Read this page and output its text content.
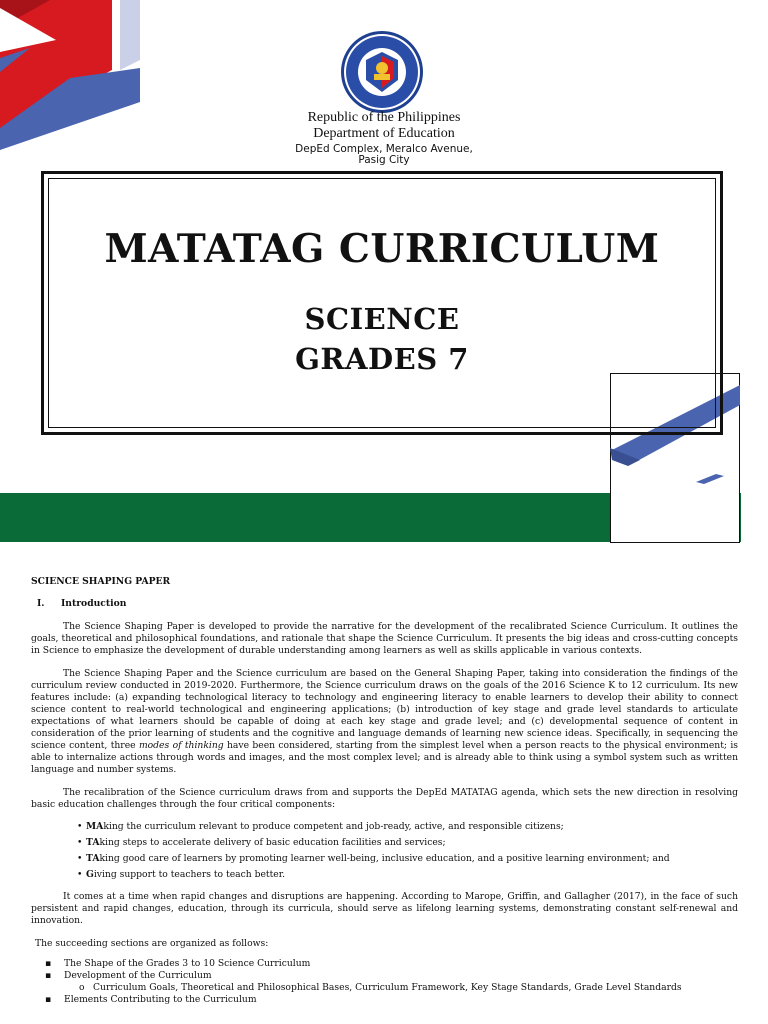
Republic of the Philippines
Department of Education
DepEd Complex, Meralco Avenue,
Pasig City
MATATAG CURRICULUM
SCIENCE
GRADES 7

SCIENCE SHAPING PAPER

I. Introduction

The Science Shaping Paper is developed to provide the narrative for the development of the recalibrated Science Curriculum. It outlines the goals, theoretical and philosophical foundations, and rationale that shape the Science Curriculum. It presents the big ideas and cross-cutting concepts in Science to emphasize the development of durable understanding among learners as well as skills applicable in various contexts.

The Science Shaping Paper and the Science curriculum are based on the General Shaping Paper, taking into consideration the findings of the curriculum review conducted in 2019-2020. Furthermore, the Science curriculum draws on the goals of the 2016 Science K to 12 curriculum. Its new features include: (a) expanding technological literacy to technology and engineering literacy to enable learners to develop their ability to connect science content to real-world technological and engineering applications; (b) introduction of key stage and grade level standards to articulate expectations of what learners should be capable of doing at each key stage and grade level; and (c) developmental sequence of content in consideration of the prior learning of students and the cognitive and language demands of learning new science ideas. Specifically, in sequencing the science content, three modes of thinking have been considered, starting from the simplest level when a person reacts to the physical environment; is able to internalize actions through words and images, and the most complex level; and is already able to think using a symbol system such as written language and number systems.

The recalibration of the Science curriculum draws from and supports the DepEd MATATAG agenda, which sets the new direction in resolving basic education challenges through the four critical components:

• MAking the curriculum relevant to produce competent and job-ready, active, and responsible citizens;
• TAking steps to accelerate delivery of basic education facilities and services;
• TAking good care of learners by promoting learner well-being, inclusive education, and a positive learning environment; and
• Giving support to teachers to teach better.

It comes at a time when rapid changes and disruptions are happening. According to Marope, Griffin, and Gallagher (2017), in the face of such persistent and rapid changes, education, through its curricula, should serve as lifelong learning systems, demonstrating constant self-renewal and innovation.

The succeeding sections are organized as follows:

▪ The Shape of the Grades 3 to 10 Science Curriculum
▪ Development of the Curriculum
o Curriculum Goals, Theoretical and Philosophical Bases, Curriculum Framework, Key Stage Standards, Grade Level Standards
▪ Elements Contributing to the Curriculum
